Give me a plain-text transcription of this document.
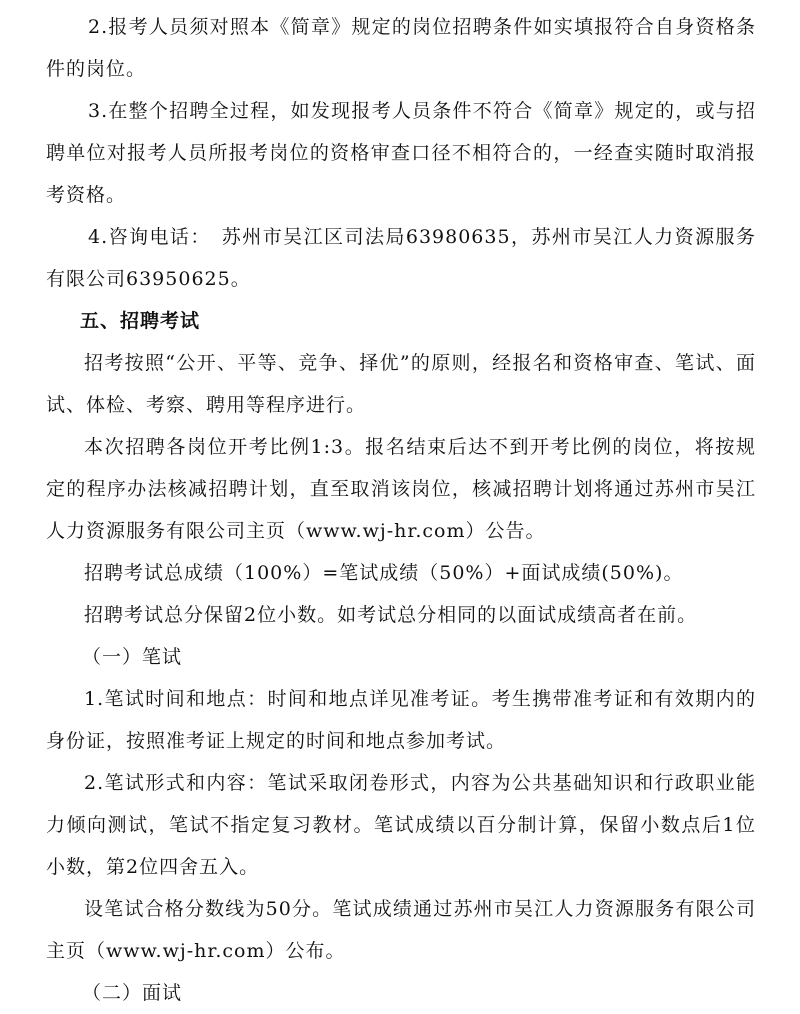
2.报考人员须对照本《简章》规定的岗位招聘条件如实填报符合自身资格条件的岗位。

3.在整个招聘全过程，如发现报考人员条件不符合《简章》规定的，或与招聘单位对报考人员所报考岗位的资格审查口径不相符合的，一经查实随时取消报考资格。

4.咨询电话：　苏州市吴江区司法局63980635，苏州市吴江人力资源服务有限公司63950625。

五、招聘考试

招考按照“公开、平等、竞争、择优”的原则，经报名和资格审查、笔试、面试、体检、考察、聘用等程序进行。

本次招聘各岗位开考比例1:3。报名结束后达不到开考比例的岗位，将按规定的程序办法核减招聘计划，直至取消该岗位，核减招聘计划将通过苏州市吴江人力资源服务有限公司主页（www.wj-hr.com）公告。

招聘考试总成绩（100%）=笔试成绩（50%）+面试成绩(50%)。

招聘考试总分保留2位小数。如考试总分相同的以面试成绩高者在前。

（一）笔试

1.笔试时间和地点：时间和地点详见准考证。考生携带准考证和有效期内的身份证，按照准考证上规定的时间和地点参加考试。

2.笔试形式和内容：笔试采取闭卷形式，内容为公共基础知识和行政职业能力倾向测试，笔试不指定复习教材。笔试成绩以百分制计算，保留小数点后1位小数，第2位四舍五入。

设笔试合格分数线为50分。笔试成绩通过苏州市吴江人力资源服务有限公司主页（www.wj-hr.com）公布。

（二）面试
